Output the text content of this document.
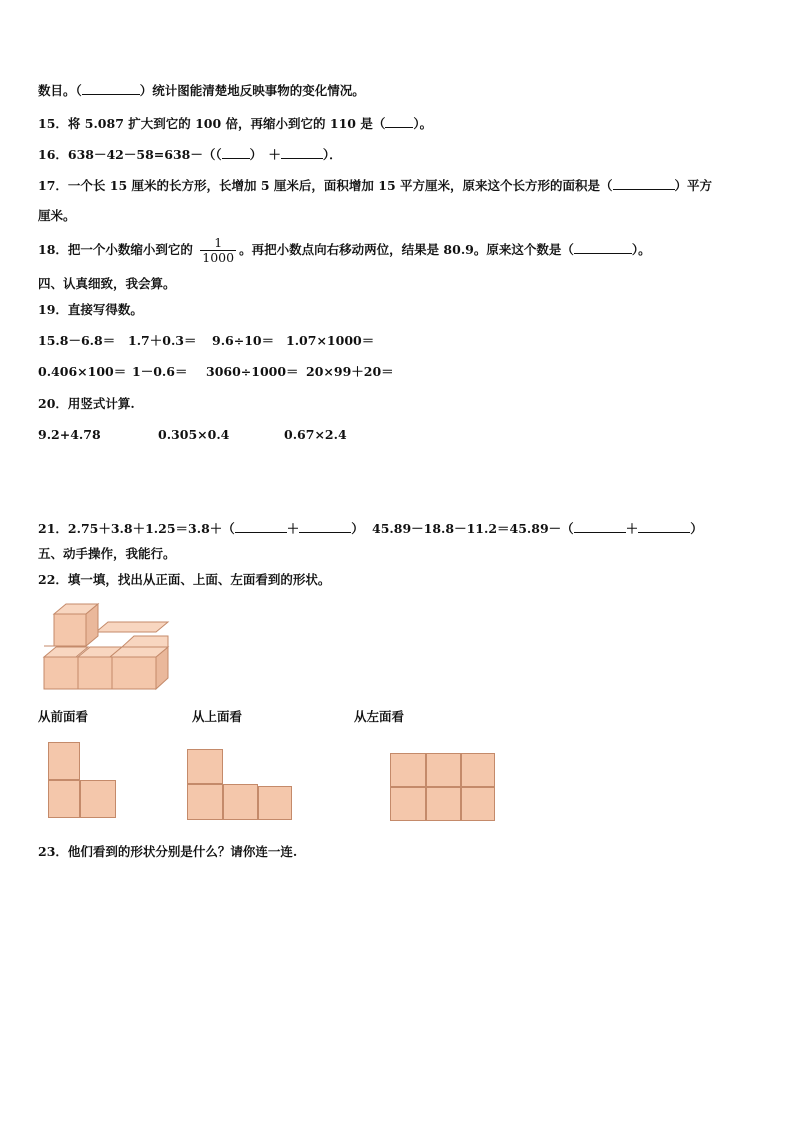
数目。（	）统计图能清楚地反映事物的变化情况。
15．将 5.087 扩大到它的 100 倍，再缩小到它的 110 是（ ）。
16．638－42－58=638－（（ ）　＋	）．
17．一个长 15 厘米的长方形，长增加 5 厘米后，面积增加 15 平方厘米，原来这个长方形的面积是（	）平方
厘米。
18．把一个小数缩小到它的 $\frac{1}{1000}$ 。再把小数点向右移动两位，结果是 80.9。原来这个数是（	）。
四、认真细致，我会算。
19．直接写得数。
15.8－6.8＝ 1.7＋0.3＝ 9.6÷10＝ 1.07×1000＝
0.406×100＝ 1－0.6＝ 3060÷1000＝ 20×99＋20＝
20．用竖式计算.
9.2+4.78	0.305×0.4	0.67×2.4
21．2.75＋3.8＋1.25＝3.8＋（	＋	） 45.89－18.8－11.2＝45.89－（	＋	）
五、动手操作，我能行。
22．填一填，找出从正面、上面、左面看到的形状。
从前面看	从上面看	从左面看
23．他们看到的形状分别是什么？请你连一连.
